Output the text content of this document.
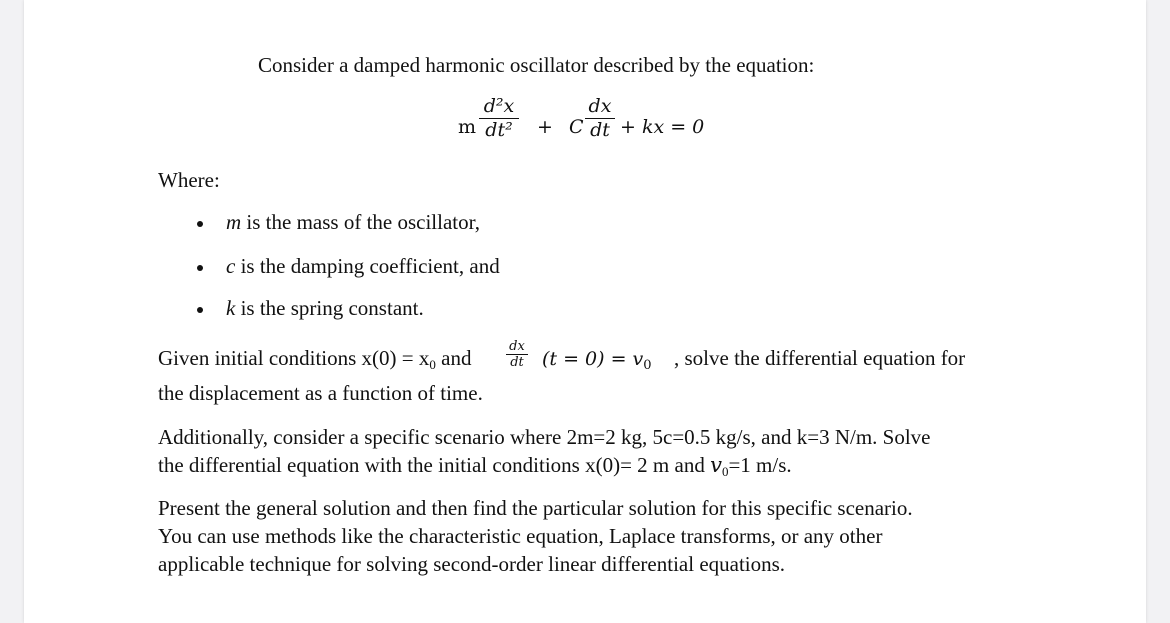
Consider a damped harmonic oscillator described by the equation:
m
d²x
dt²	+ C
dx
dt + kx = 0
Where:
m is the mass of the oscillator,
c is the damping coefficient, and
k is the spring constant.
Given initial conditions $x(0) = x_0$ and	dx
dt $(t = 0) = v_0$ , solve the differential equation for
the displacement as a function of time.
Additionally, consider a specific scenario where 2m=2 kg, 5c=0.5 kg/s, and k=3 N/m. Solve
the differential equation with the initial conditions x(0)= 2 m and $v_0=1$ m/s.
Present the general solution and then find the particular solution for this specific scenario.
You can use methods like the characteristic equation, Laplace transforms, or any other
applicable technique for solving second-order linear differential equations.
